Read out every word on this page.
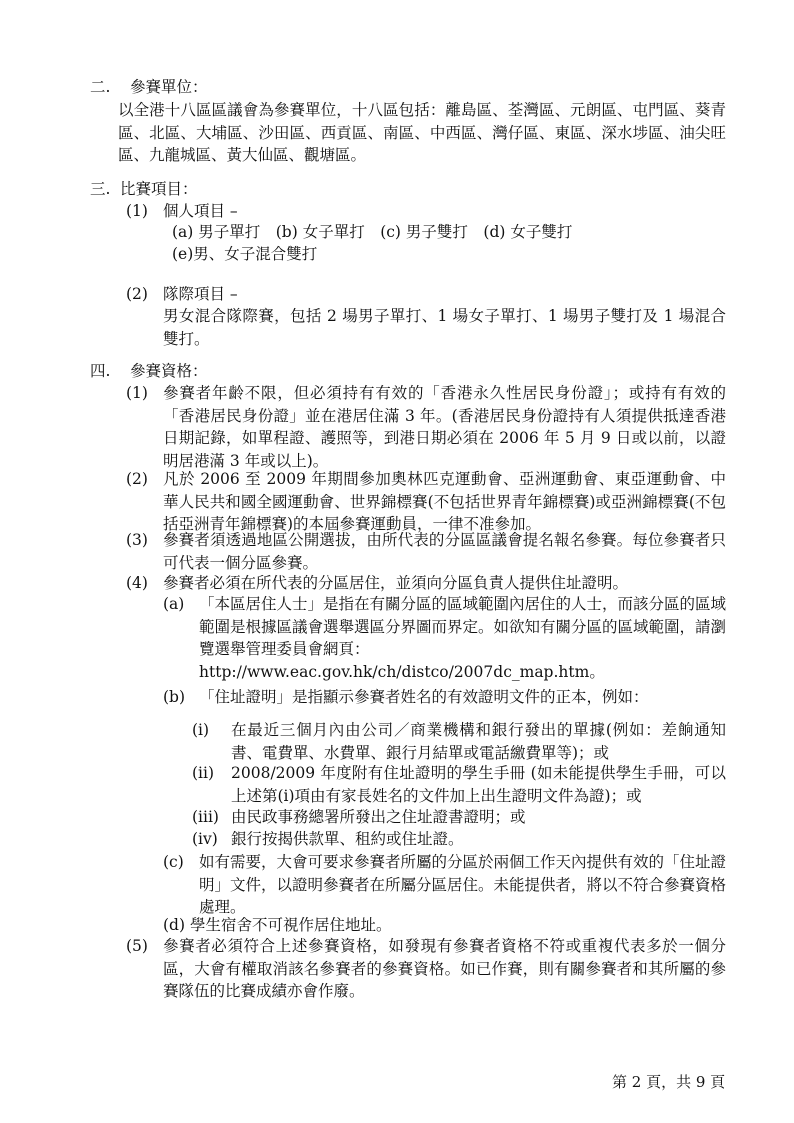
二. 參賽單位：
以全港十八區區議會為參賽單位，十八區包括：離島區、荃灣區、元朗區、屯門區、葵青區、北區、大埔區、沙田區、西貢區、南區、中西區、灣仔區、東區、深水埗區、油尖旺區、九龍城區、黃大仙區、觀塘區。
三. 比賽項目：
(1) 個人項目 –
(a) 男子單打　(b) 女子單打　(c) 男子雙打　(d) 女子雙打
(e)男、女子混合雙打
(2) 隊際項目 –
男女混合隊際賽，包括 2 場男子單打、1 場女子單打、1 場男子雙打及 1 場混合雙打。
四. 參賽資格：
(1) 參賽者年齡不限，但必須持有有效的「香港永久性居民身份證」；或持有有效的「香港居民身份證」並在港居住滿 3 年。(香港居民身份證持有人須提供抵達香港日期記錄，如單程證、護照等，到港日期必須在 2006 年 5 月 9 日或以前，以證明居港滿 3 年或以上)。
(2) 凡於 2006 至 2009 年期間參加奧林匹克運動會、亞洲運動會、東亞運動會、中華人民共和國全國運動會、世界錦標賽(不包括世界青年錦標賽)或亞洲錦標賽(不包括亞洲青年錦標賽)的本屆參賽運動員，一律不准參加。
(3) 參賽者須透過地區公開選拔，由所代表的分區區議會提名報名參賽。每位參賽者只可代表一個分區參賽。
(4) 參賽者必須在所代表的分區居住，並須向分區負責人提供住址證明。
(a) 「本區居住人士」是指在有關分區的區域範圍內居住的人士，而該分區的區域範圍是根據區議會選舉選區分界圖而界定。如欲知有關分區的區域範圍，請瀏覽選舉管理委員會網頁：
http://www.eac.gov.hk/ch/distco/2007dc_map.htm。
(b) 「住址證明」是指顯示參賽者姓名的有效證明文件的正本，例如：
(i) 在最近三個月內由公司／商業機構和銀行發出的單據(例如：差餉通知書、電費單、水費單、銀行月結單或電話繳費單等)；或
(ii) 2008/2009 年度附有住址證明的學生手冊 (如未能提供學生手冊，可以上述第(i)項由有家長姓名的文件加上出生證明文件為證)；或
(iii) 由民政事務總署所發出之住址證書證明；或
(iv) 銀行按揭供款單、租約或住址證。
(c) 如有需要，大會可要求參賽者所屬的分區於兩個工作天內提供有效的「住址證明」文件，以證明參賽者在所屬分區居住。未能提供者，將以不符合參賽資格處理。
(d) 學生宿舍不可視作居住地址。
(5) 參賽者必須符合上述參賽資格，如發現有參賽者資格不符或重複代表多於一個分區，大會有權取消該名參賽者的參賽資格。如已作賽，則有關參賽者和其所屬的參賽隊伍的比賽成績亦會作廢。
第 2 頁，共 9 頁
